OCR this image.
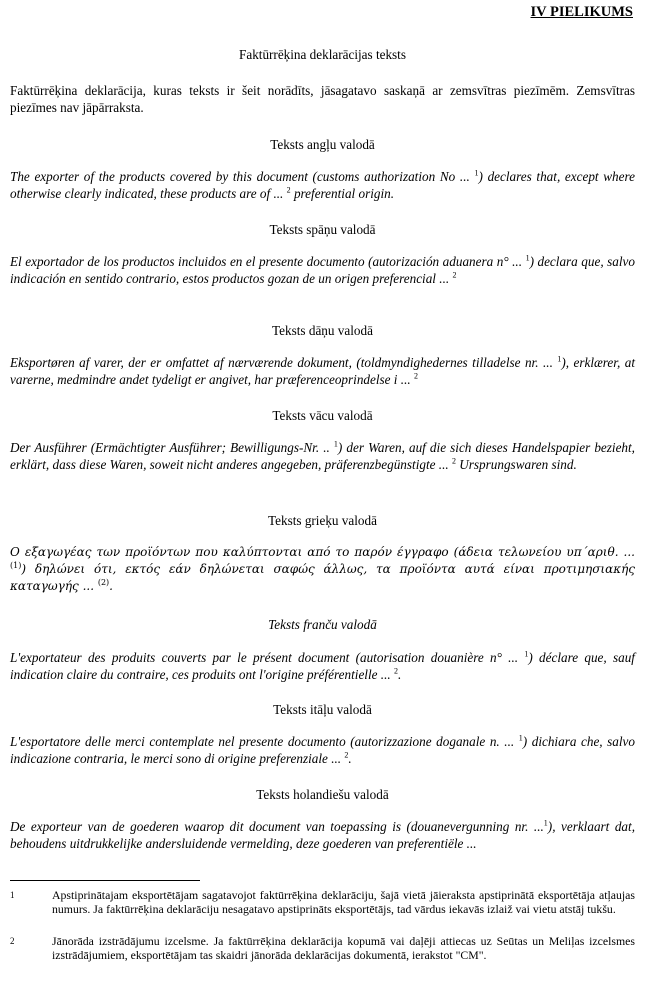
IV PIELIKUMS
Faktūrrēķina deklarācijas teksts
Faktūrrēķina deklarācija, kuras teksts ir šeit norādīts, jāsagatavo saskaņā ar zemsvītras piezīmēm. Zemsvītras piezīmes nav jāpārraksta.
Teksts angļu valodā
The exporter of the products covered by this document (customs authorization No ... $^1$) declares that, except where otherwise clearly indicated, these products are of ... $^2$ preferential origin.
Teksts spāņu valodā
El exportador de los productos incluidos en el presente documento (autorización aduanera n° ... $^1$) declara que, salvo indicación en sentido contrario, estos productos gozan de un origen preferencial ... $^2$
Teksts dāņu valodā
Eksportøren af varer, der er omfattet af nærværende dokument, (toldmyndighedernes tilladelse nr. ... $^1$), erklærer, at varerne, medmindre andet tydeligt er angivet, har præferenceoprindelse i ... $^2$
Teksts vācu valodā
Der Ausführer (Ermächtigter Ausführer; Bewilligungs-Nr. .. $^1$) der Waren, auf die sich dieses Handelspapier bezieht, erklärt, dass diese Waren, soweit nicht anderes angegeben, präferenzbegünstigte ... $^2$ Ursprungswaren sind.
Teksts grieķu valodā
Ο εξαγωγέας των προϊόντων που καλύπτονται από το παρόν έγγραφο (άδεια τελωνείου υπ΄αριθ. ... $^{(1)}$) δηλώνει ότι, εκτός εάν δηλώνεται σαφώς άλλως, τα προϊόντα αυτά είναι προτιμησιακής καταγωγής ... $^{(2)}$.
Teksts franču valodā
L'exportateur des produits couverts par le présent document (autorisation douanière n° ... $^1$) déclare que, sauf indication claire du contraire, ces produits ont l'origine préférentielle ... $^2$.
Teksts itāļu valodā
L'esportatore delle merci contemplate nel presente documento (autorizzazione doganale n. ... $^1$) dichiara che, salvo indicazione contraria, le merci sono di origine preferenziale ... $^2$.
Teksts holandiešu valodā
De exporteur van de goederen waarop dit document van toepassing is (douanevergunning nr. ...$^1$), verklaart dat, behoudens uitdrukkelijke andersluidende vermelding, deze goederen van preferentiële ...
1	Apstiprinātajam eksportētājam sagatavojot faktūrrēķina deklarāciju, šajā vietā jāieraksta apstiprinātā eksportētāja atļaujas numurs. Ja faktūrrēķina deklarāciju nesagatavo apstiprināts eksportētājs, tad vārdus iekavās izlaiž vai vietu atstāj tukšu.
2	Jānorāda izstrādājumu izcelsme. Ja faktūrrēķina deklarācija kopumā vai daļēji attiecas uz Seūtas un Meliļas izcelsmes izstrādājumiem, eksportētājam tas skaidri jānorāda deklarācijas dokumentā, ierakstot "CM".
